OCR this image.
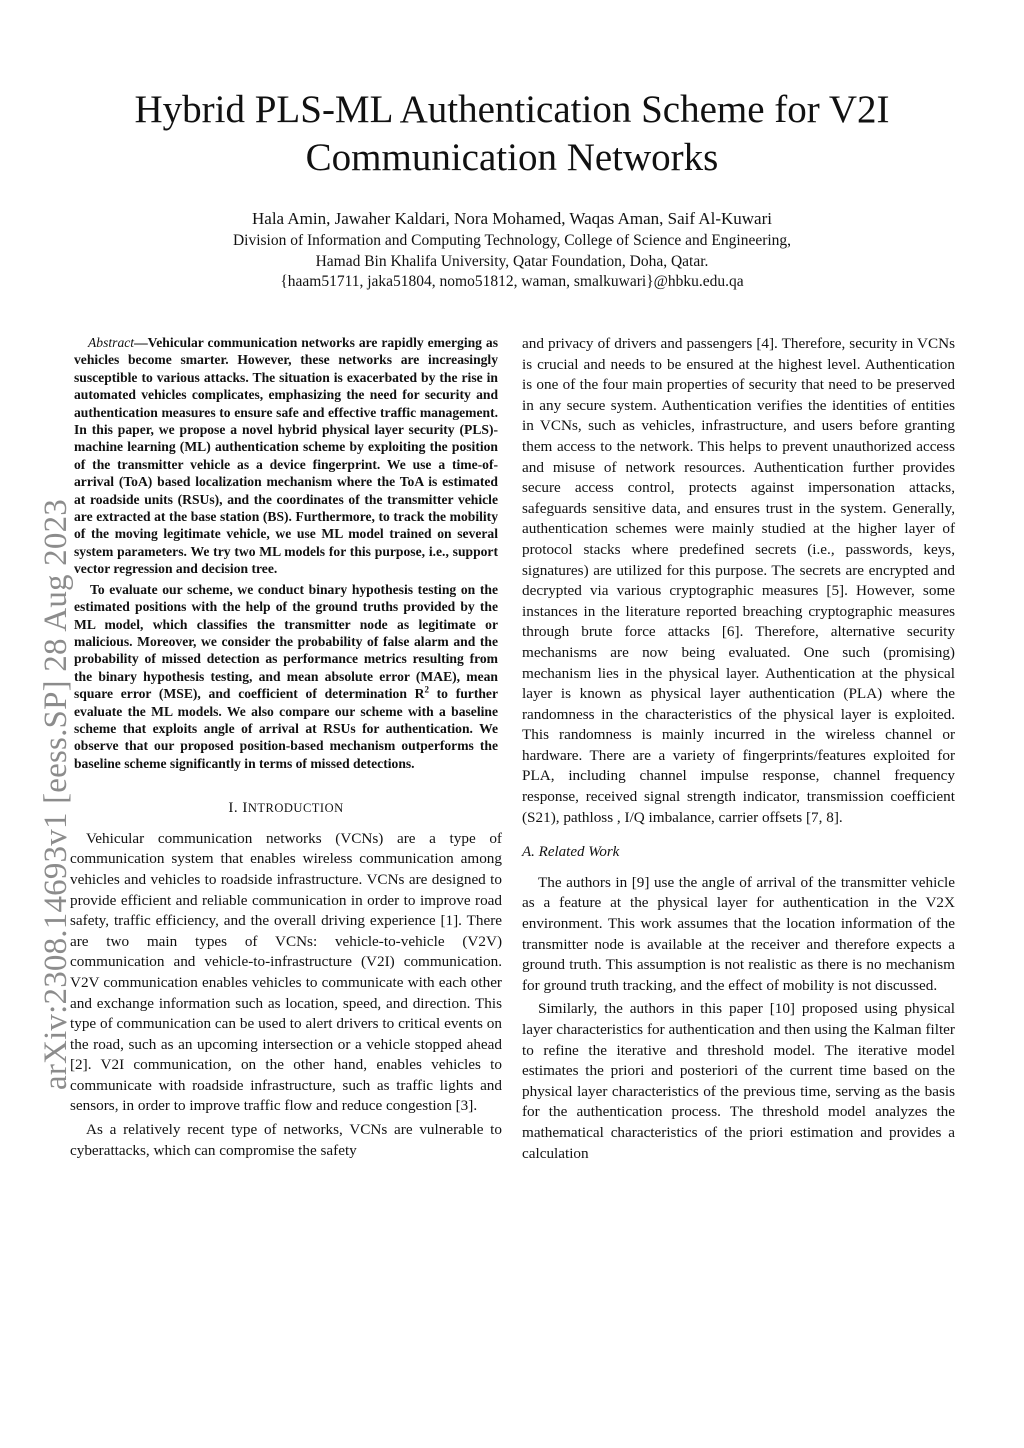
Hybrid PLS-ML Authentication Scheme for V2I
Communication Networks
Hala Amin, Jawaher Kaldari, Nora Mohamed, Waqas Aman, Saif Al-Kuwari
Division of Information and Computing Technology, College of Science and Engineering,
Hamad Bin Khalifa University, Qatar Foundation, Doha, Qatar.
{haam51711, jaka51804, nomo51812, waman, smalkuwari}@hbku.edu.qa
arXiv:2308.14693v1 [eess.SP] 28 Aug 2023

Abstract—Vehicular communication networks are rapidly emerging as vehicles become smarter. However, these networks are increasingly susceptible to various attacks. The situation is exacerbated by the rise in automated vehicles complicates, emphasizing the need for security and authentication measures to ensure safe and effective traffic management. In this paper, we propose a novel hybrid physical layer security (PLS)-machine learning (ML) authentication scheme by exploiting the position of the transmitter vehicle as a device fingerprint. We use a time-of-arrival (ToA) based localization mechanism where the ToA is estimated at roadside units (RSUs), and the coordinates of the transmitter vehicle are extracted at the base station (BS). Furthermore, to track the mobility of the moving legitimate vehicle, we use ML model trained on several system parameters. We try two ML models for this purpose, i.e., support vector regression and decision tree.

To evaluate our scheme, we conduct binary hypothesis testing on the estimated positions with the help of the ground truths provided by the ML model, which classifies the transmitter node as legitimate or malicious. Moreover, we consider the probability of false alarm and the probability of missed detection as performance metrics resulting from the binary hypothesis testing, and mean absolute error (MAE), mean square error (MSE), and coefficient of determination $R^2$ to further evaluate the ML models. We also compare our scheme with a baseline scheme that exploits angle of arrival at RSUs for authentication. We observe that our proposed position-based mechanism outperforms the baseline scheme significantly in terms of missed detections.

I. INTRODUCTION

Vehicular communication networks (VCNs) are a type of communication system that enables wireless communication among vehicles and vehicles to roadside infrastructure. VCNs are designed to provide efficient and reliable communication in order to improve road safety, traffic efficiency, and the overall driving experience [1]. There are two main types of VCNs: vehicle-to-vehicle (V2V) communication and vehicle-to-infrastructure (V2I) communication. V2V communication enables vehicles to communicate with each other and exchange information such as location, speed, and direction. This type of communication can be used to alert drivers to critical events on the road, such as an upcoming intersection or a vehicle stopped ahead [2]. V2I communication, on the other hand, enables vehicles to communicate with roadside infrastructure, such as traffic lights and sensors, in order to improve traffic flow and reduce congestion [3].

As a relatively recent type of networks, VCNs are vulnerable to cyberattacks, which can compromise the safety

and privacy of drivers and passengers [4]. Therefore, security in VCNs is crucial and needs to be ensured at the highest level. Authentication is one of the four main properties of security that need to be preserved in any secure system. Authentication verifies the identities of entities in VCNs, such as vehicles, infrastructure, and users before granting them access to the network. This helps to prevent unauthorized access and misuse of network resources. Authentication further provides secure access control, protects against impersonation attacks, safeguards sensitive data, and ensures trust in the system. Generally, authentication schemes were mainly studied at the higher layer of protocol stacks where predefined secrets (i.e., passwords, keys, signatures) are utilized for this purpose. The secrets are encrypted and decrypted via various cryptographic measures [5]. However, some instances in the literature reported breaching cryptographic measures through brute force attacks [6]. Therefore, alternative security mechanisms are now being evaluated. One such (promising) mechanism lies in the physical layer. Authentication at the physical layer is known as physical layer authentication (PLA) where the randomness in the characteristics of the physical layer is exploited. This randomness is mainly incurred in the wireless channel or hardware. There are a variety of fingerprints/features exploited for PLA, including channel impulse response, channel frequency response, received signal strength indicator, transmission coefficient (S21), pathloss , I/Q imbalance, carrier offsets [7, 8].

A. Related Work

The authors in [9] use the angle of arrival of the transmitter vehicle as a feature at the physical layer for authentication in the V2X environment. This work assumes that the location information of the transmitter node is available at the receiver and therefore expects a ground truth. This assumption is not realistic as there is no mechanism for ground truth tracking, and the effect of mobility is not discussed.

Similarly, the authors in this paper [10] proposed using physical layer characteristics for authentication and then using the Kalman filter to refine the iterative and threshold model. The iterative model estimates the priori and posteriori of the current time based on the physical layer characteristics of the previous time, serving as the basis for the authentication process. The threshold model analyzes the mathematical characteristics of the priori estimation and provides a calculation
